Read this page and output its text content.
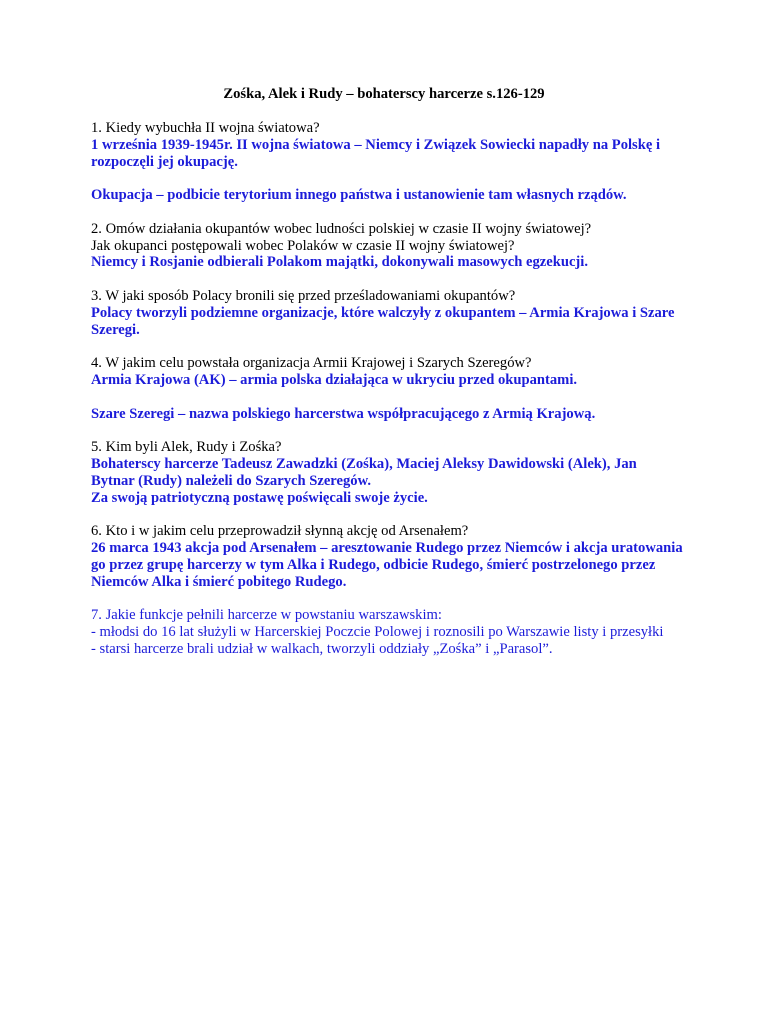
Zośka, Alek i Rudy – bohaterscy harcerze s.126-129

1. Kiedy wybuchła II wojna światowa?

1 września 1939-1945r. II wojna światowa – Niemcy i Związek Sowiecki napadły na Polskę i rozpoczęli jej okupację.

Okupacja – podbicie terytorium innego państwa i ustanowienie tam własnych rządów.

2. Omów działania okupantów wobec ludności polskiej w czasie II wojny światowej?

Jak okupanci postępowali wobec Polaków w czasie II wojny światowej?

Niemcy i Rosjanie odbierali Polakom majątki, dokonywali masowych egzekucji.

3. W jaki sposób Polacy bronili się przed prześladowaniami okupantów?

Polacy tworzyli podziemne organizacje, które walczyły z okupantem – Armia Krajowa i Szare Szeregi.

4. W jakim celu powstała organizacja Armii Krajowej i Szarych Szeregów?

Armia Krajowa (AK) – armia polska działająca w ukryciu przed okupantami.

Szare Szeregi – nazwa polskiego harcerstwa współpracującego z Armią Krajową.

5. Kim byli Alek, Rudy i Zośka?

Bohaterscy harcerze Tadeusz Zawadzki (Zośka), Maciej Aleksy Dawidowski (Alek), Jan Bytnar (Rudy) należeli do Szarych Szeregów.

Za swoją patriotyczną postawę poświęcali swoje życie.

6. Kto i w jakim celu przeprowadził słynną akcję od Arsenałem?

26 marca 1943 akcja pod Arsenałem – aresztowanie Rudego przez Niemców i akcja uratowania go przez grupę harcerzy w tym Alka i Rudego, odbicie Rudego, śmierć postrzelonego przez Niemców Alka i śmierć pobitego Rudego.

7. Jakie funkcje pełnili harcerze w powstaniu warszawskim:

- młodsi do 16 lat służyli w Harcerskiej Poczcie Polowej i roznosili po Warszawie listy i przesyłki

- starsi harcerze brali udział w walkach, tworzyli oddziały „Zośka” i „Parasol”.
